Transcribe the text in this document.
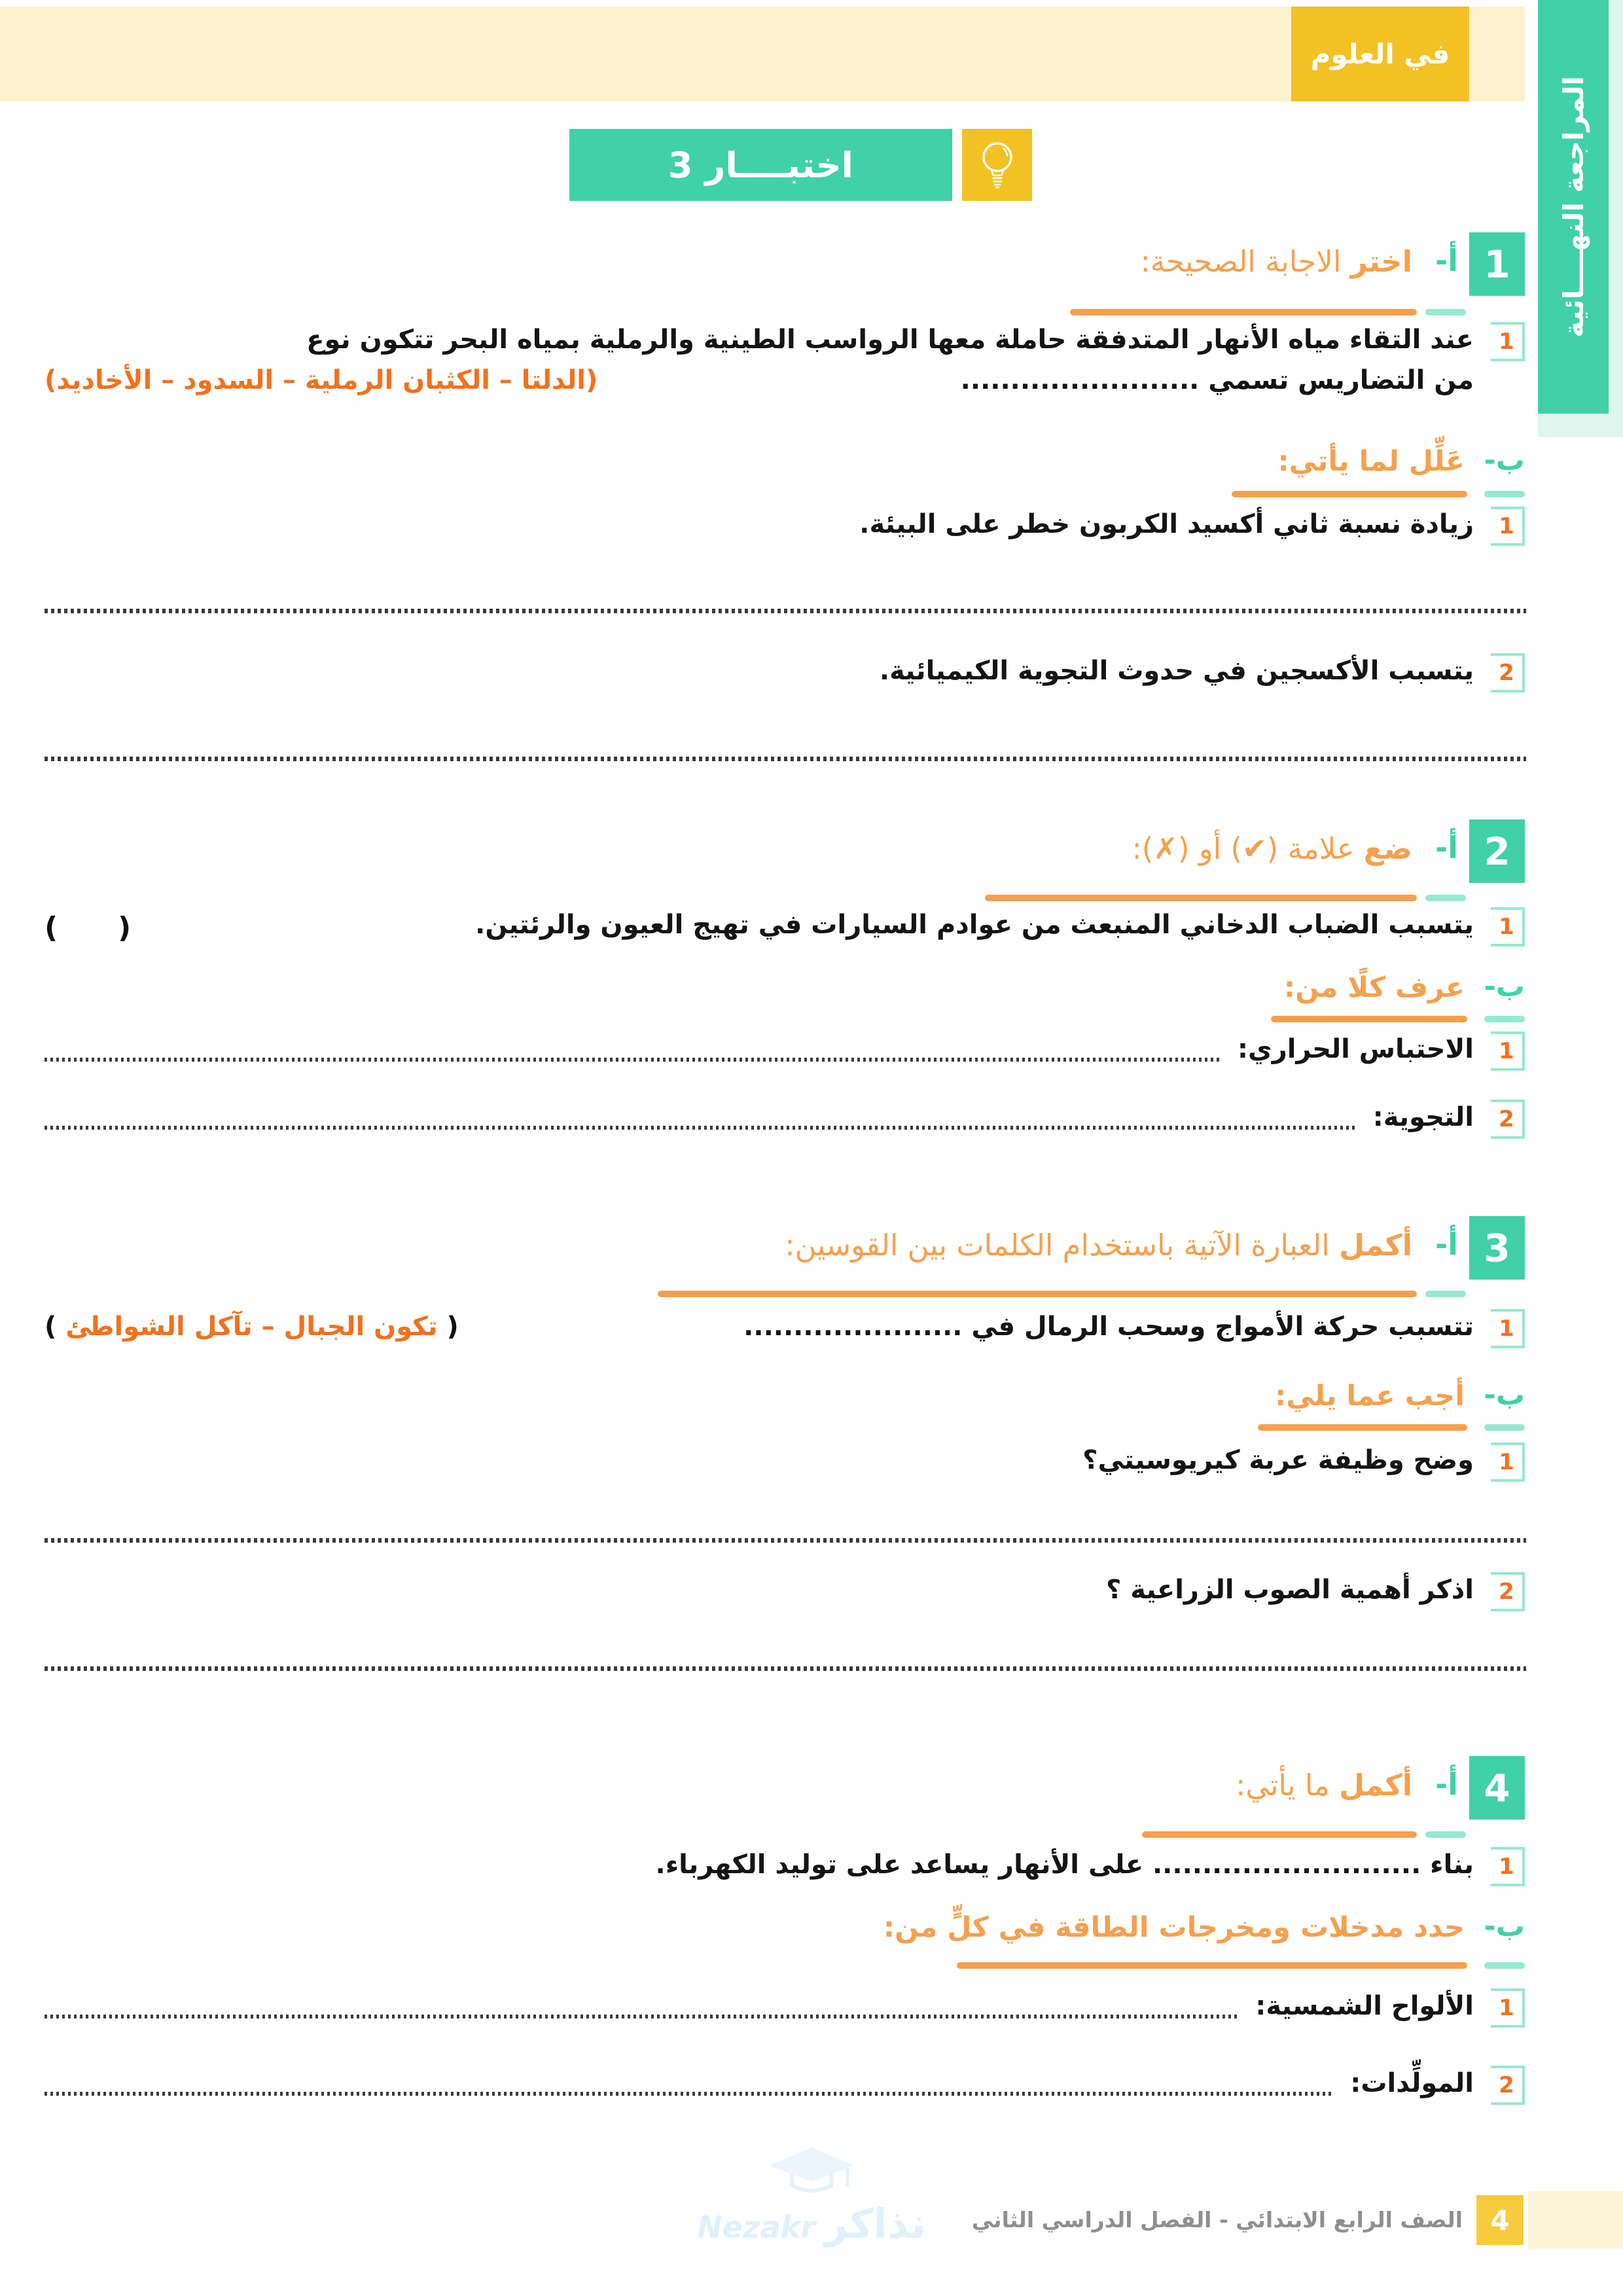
في العلوم
المراجعة النهــــائية
اختبــــار 3
1
أ-
اختر الاجابة الصحيحة:
1
عند التقاء مياه الأنهار المتدفقة حاملة معها الرواسب الطينية والرملية بمياه البحر تتكون نوع
من التضاريس تسمي ........................
(الدلتا – الكثبان الرملية – السدود – الأخاديد)
ب-
عَلِّل لما يأتي:
1
زيادة نسبة ثاني أكسيد الكربون خطر على البيئة.
2
يتسبب الأكسجين في حدوث التجوية الكيميائية.
2
أ-
ضع علامة (✔) أو (✗):
1
يتسبب الضباب الدخاني المنبعث من عوادم السيارات في تهيج العيون والرئتين.
(      )
ب-
عرف كلًا من:
1
الاحتباس الحراري:
2
التجوية:
3
أ-
أكمل العبارة الآتية باستخدام الكلمات بين القوسين:
1
تتسبب حركة الأمواج وسحب الرمال في ......................
( تكون الجبال – تآكل الشواطئ )
ب-
أجب عما يلي:
1
وضح وظيفة عربة كيريوسيتي؟
2
اذكر أهمية الصوب الزراعية ؟
4
أ-
أكمل ما يأتي:
1
بناء ........................... على الأنهار يساعد على توليد الكهرباء.
ب-
حدد مدخلات ومخرجات الطاقة في كلٍّ من:
1
الألواح الشمسية:
2
المولِّدات:
Nezakr نذاكر	4
الصف الرابع الابتدائي - الفصل الدراسي الثاني
